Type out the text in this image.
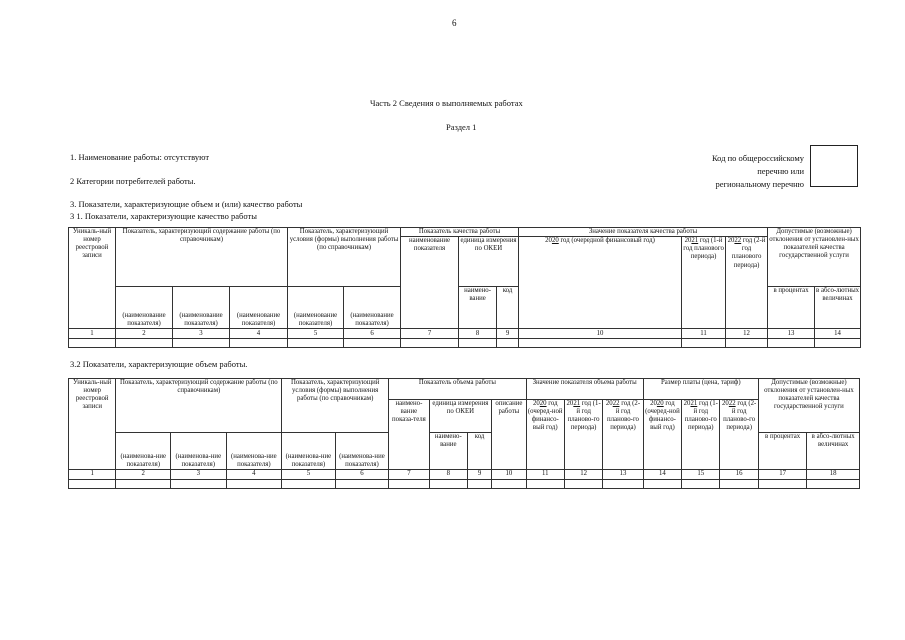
6
Часть 2 Сведения о выполняемых работах
Раздел 1
1. Наименование работы: отсутствуют
2 Категории потребителей работы.
Код по общероссийскому
перечню или
региональному перечню
3. Показатели, характеризующие объем и (или) качество работы
3 1. Показатели, характеризующие качество работы
Уникаль-ный номер реестровой записи	Показатель, характеризующий содержание работы (по справочникам)			Показатель, характеризующий условия (формы) выполнения работы (по справочникам)		Показатель качества работы			Значение показателя качества работы			Допустимые (возможные) отклонения от установлен-ных показателей качества государственной услуги	
						наименование показателя	единица измерения по ОКЕИ		2020 год (очередной финансовый год)	2021 год (1-й год планового периода)	2022 год (2-й год планового периода)		
	(наименование показателя)	(наименование показателя)	(наименование показателя)	(наименование показателя)	(наименование показателя)		наимено-вание	код				в процентах	в абсо-лютных величинах
1	2	3	4	5	6	7	8	9	10	11	12	13	14

3.2 Показатели, характеризующие объем работы.
Уникаль-ный номер реестровой записи	Показатель, характеризующий содержание работы (по справочникам)			Показатель, характеризующий условия (формы) выполнения работы (по справочникам)		Показатель объема работы				Значение показателя объема работы			Размер платы (цена, тариф)			Допустимые (возможные) отклонения от установлен-ных показателей качества государственной услуги	
						наимено-вание показа-теля	единица измерения по ОКЕИ		описание работы	2020 год (очеред-ной финансо-вый год)	2021 год (1-й год планово-го периода)	2022 год (2-й год планово-го периода)	2020 год (очеред-ной финансо-вый год)	2021 год (1-й год планово-го периода)	2022 год (2-й год планово-го периода)		
	(наименова-ние показателя)	(наименова-ние показателя)	(наименова-ние показателя)	(наименова-ние показателя)	(наименова-ние показателя)		наимено-вание	код								в процентах	в абсо-лютных величинах
1	2	3	4	5	6	7	8	9	10	11	12	13	14	15	16	17	18
